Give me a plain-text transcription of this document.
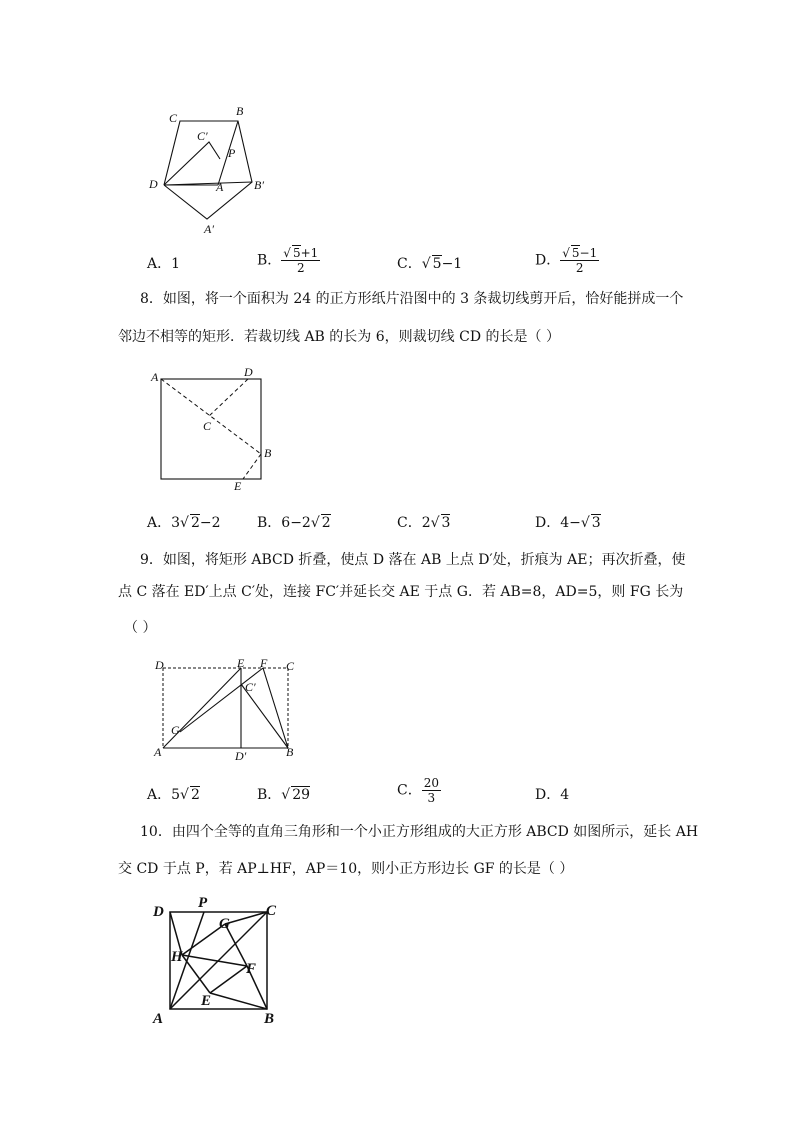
B
C
C′
P
D	A	B′
A′
A．1	B． $\frac{√ 5+1}{2}$	C．√ 5−1	D． $\frac{√ 5-1}{2}$
8．如图，将一个面积为 24 的正方形纸片沿图中的 3 条裁切线剪开后，恰好能拼成一个
邻边不相等的矩形．若裁切线 AB 的长为 6，则裁切线 CD 的长是（ ）
A	D
C
B
E
A．3√ 2−2	B．6−2√ 2	C．2√ 3	D．4−√ 3
9．如图，将矩形 ABCD 折叠，使点 D 落在 AB 上点 D′处，折痕为 AE；再次折叠，使
点 C 落在 ED′上点 C′处，连接 FC′并延长交 AE 于点 G．若 AB=8，AD=5，则 FG 长为
（ ）
D	E F C
C′
G
A	D′	B
A．5√ 2	B．√ 29	C． $\frac{20}{3}$	D．4
10．由四个全等的直角三角形和一个小正方形组成的大正方形 ABCD 如图所示，延长 AH
交 CD 于点 P，若 AP⊥HF，AP＝10，则小正方形边长 GF 的长是（ ）
D
P	C
G
H
F
E
A	B
